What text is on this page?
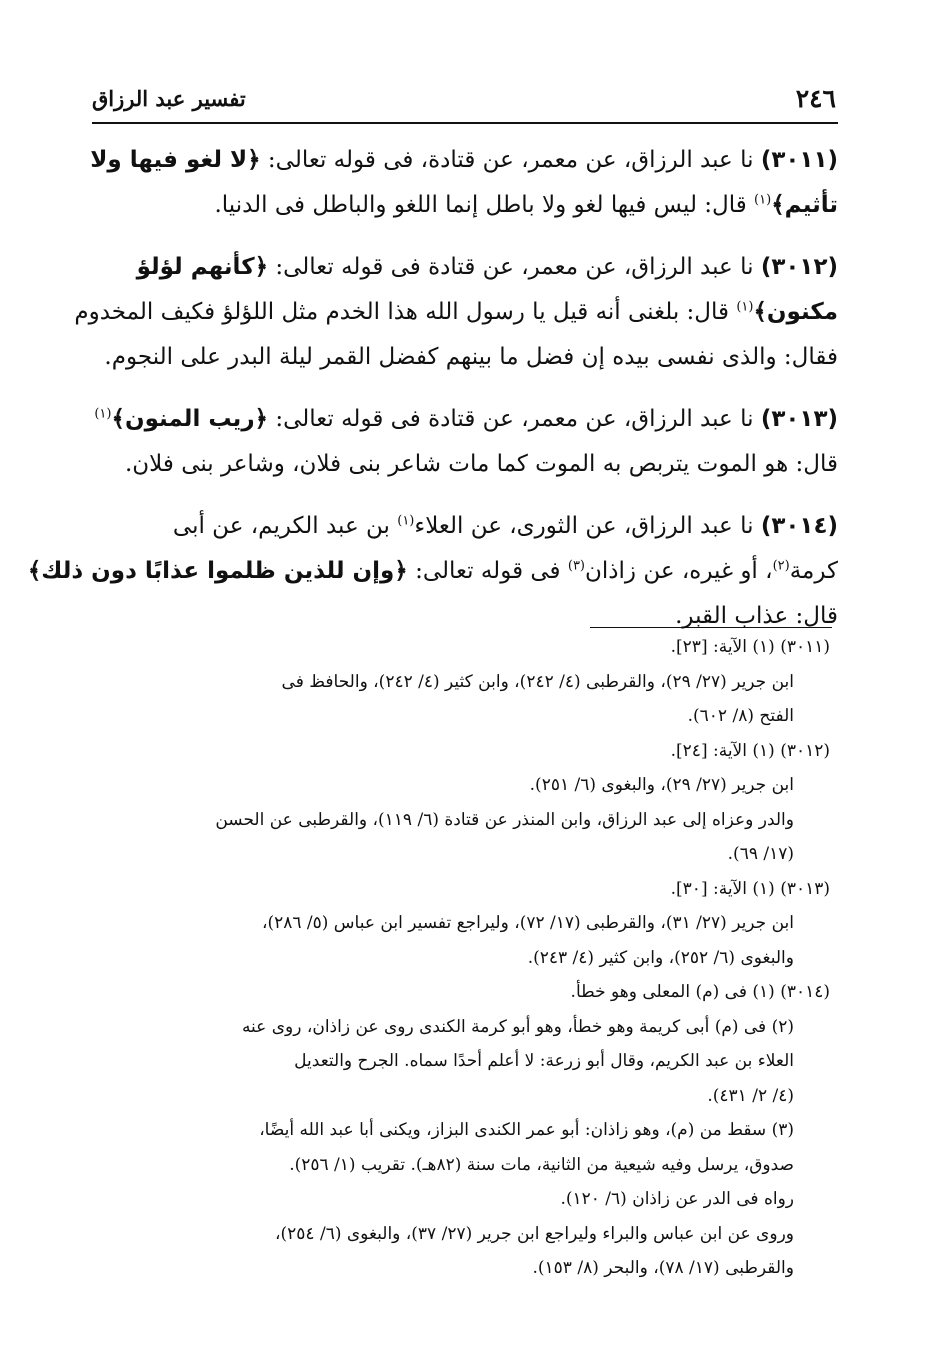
٢٤٦
تفسير عبد الرزاق
(٣٠١١) نا عبد الرزاق، عن معمر، عن قتادة، فى قوله تعالى: ﴿لا لغو فيها ولا
تأثيم﴾$^{(١)}$ قال: ليس فيها لغو ولا باطل إنما اللغو والباطل فى الدنيا.
(٣٠١٢) نا عبد الرزاق، عن معمر، عن قتادة فى قوله تعالى: ﴿كأنهم لؤلؤ
مكنون﴾$^{(١)}$ قال: بلغنى أنه قيل يا رسول الله هذا الخدم مثل اللؤلؤ فكيف المخدوم
فقال: والذى نفسى بيده إن فضل ما بينهم كفضل القمر ليلة البدر على النجوم.
(٣٠١٣) نا عبد الرزاق، عن معمر، عن قتادة فى قوله تعالى: ﴿ريب المنون﴾$^{(١)}$
قال: هو الموت يتربص به الموت كما مات شاعر بنى فلان، وشاعر بنى فلان.
(٣٠١٤) نا عبد الرزاق، عن الثورى، عن العلاء$^{(١)}$ بن عبد الكريم، عن أبى
كرمة$^{(٢)}$، أو غيره، عن زاذان$^{(٣)}$ فى قوله تعالى: ﴿وإن للذين ظلموا عذابًا دون ذلك﴾
قال: عذاب القبر.
(٣٠١١) (١) الآية: [٢٣].
ابن جرير (٢٧/ ٢٩)، والقرطبى (٤/ ٢٤٢)، وابن كثير (٤/ ٢٤٢)، والحافظ فى
الفتح (٨/ ٦٠٢).
(٣٠١٢) (١) الآية: [٢٤].
ابن جرير (٢٧/ ٢٩)، والبغوى (٦/ ٢٥١).
والدر وعزاه إلى عبد الرزاق، وابن المنذر عن قتادة (٦/ ١١٩)، والقرطبى عن الحسن
(١٧/ ٦٩).
(٣٠١٣) (١) الآية: [٣٠].
ابن جرير (٢٧/ ٣١)، والقرطبى (١٧/ ٧٢)، وليراجع تفسير ابن عباس (٥/ ٢٨٦)،
والبغوى (٦/ ٢٥٢)، وابن كثير (٤/ ٢٤٣).
(٣٠١٤) (١) فى (م) المعلى وهو خطأ.
(٢) فى (م) أبى كريمة وهو خطأ، وهو أبو كرمة الكندى روى عن زاذان، روى عنه
العلاء بن عبد الكريم، وقال أبو زرعة: لا أعلم أحدًا سماه. الجرح والتعديل
(٤/ ٢/ ٤٣١).
(٣) سقط من (م)، وهو زاذان: أبو عمر الكندى البزاز، ويكنى أبا عبد الله أيضًا،
صدوق، يرسل وفيه شيعية من الثانية، مات سنة (٨٢هـ). تقريب (١/ ٢٥٦).
رواه فى الدر عن زاذان (٦/ ١٢٠).
وروى عن ابن عباس والبراء وليراجع ابن جرير (٢٧/ ٣٧)، والبغوى (٦/ ٢٥٤)،
والقرطبى (١٧/ ٧٨)، والبحر (٨/ ١٥٣).
